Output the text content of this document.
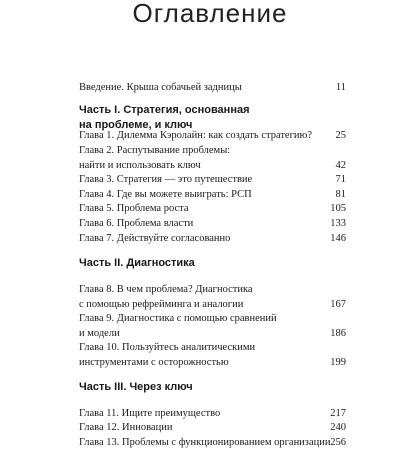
Оглавление
Введение. Крыша собачьей задницы	11
Часть I. Стратегия, основанная
на проблеме, и ключ
Глава 1. Дилемма Кэролайн: как создать стратегию? 25
Глава 2. Распутывание проблемы:
найти и использовать ключ	42
Глава 3. Стратегия — это путешествие	71
Глава 4. Где вы можете выиграть: РСП	81
Глава 5. Проблема роста	105
Глава 6. Проблема власти	133
Глава 7. Действуйте согласованно	146
Часть II. Диагностика
Глава 8. В чем проблема? Диагностика
с помощью рефрейминга и аналогии	167
Глава 9. Диагностика с помощью сравнений
и модели	186
Глава 10. Пользуйтесь аналитическими
инструментами с осторожностью	199
Часть III. Через ключ
Глава 11. Ищите преимущество	217
Глава 12. Инновации	240
Глава 13. Проблемы с функционированием организации 256
